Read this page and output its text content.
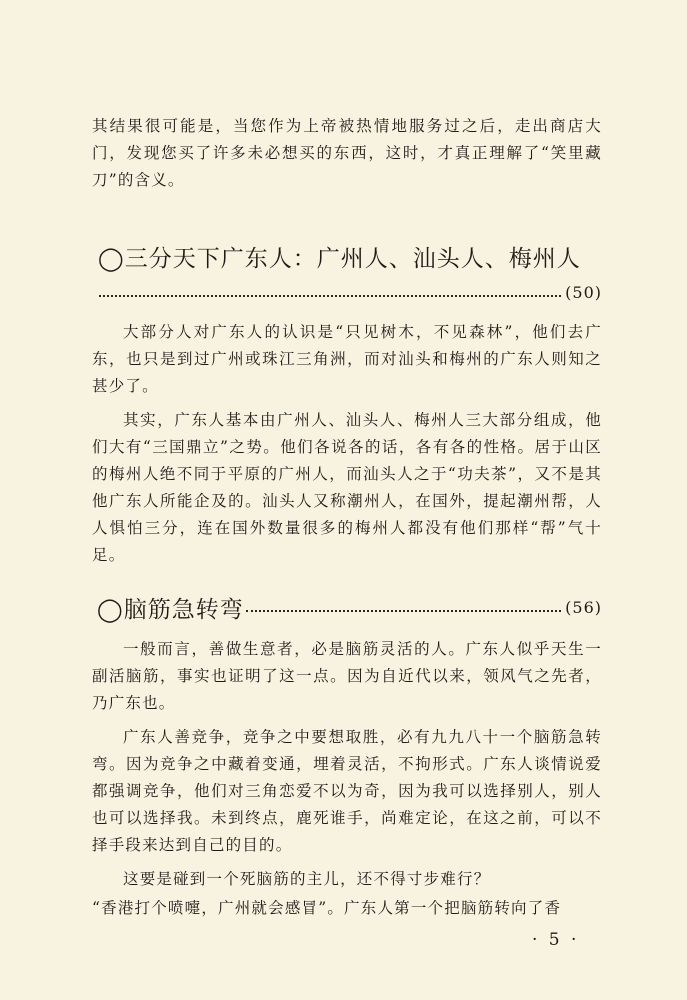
其结果很可能是，当您作为上帝被热情地服务过之后，走出商店大门，发现您买了许多未必想买的东西，这时，才真正理解了“笑里藏刀”的含义。

◯三分天下广东人：广州人、汕头人、梅州人
(50)

大部分人对广东人的认识是“只见树木，不见森林”，他们去广东，也只是到过广州或珠江三角洲，而对汕头和梅州的广东人则知之甚少了。

其实，广东人基本由广州人、汕头人、梅州人三大部分组成，他们大有“三国鼎立”之势。他们各说各的话，各有各的性格。居于山区的梅州人绝不同于平原的广州人，而汕头人之于“功夫茶”，又不是其他广东人所能企及的。汕头人又称潮州人，在国外，提起潮州帮，人人惧怕三分，连在国外数量很多的梅州人都没有他们那样“帮”气十足。

◯脑筋急转弯	(56)

一般而言，善做生意者，必是脑筋灵活的人。广东人似乎天生一副活脑筋，事实也证明了这一点。因为自近代以来，领风气之先者，乃广东也。

广东人善竞争，竞争之中要想取胜，必有九九八十一个脑筋急转弯。因为竞争之中藏着变通，埋着灵活，不拘形式。广东人谈情说爱都强调竞争，他们对三角恋爱不以为奇，因为我可以选择别人，别人也可以选择我。未到终点，鹿死谁手，尚难定论，在这之前，可以不择手段来达到自己的目的。

这要是碰到一个死脑筋的主儿，还不得寸步难行？

“香港打个喷嚏，广州就会感冒”。广东人第一个把脑筋转向了香

· 5 ·
